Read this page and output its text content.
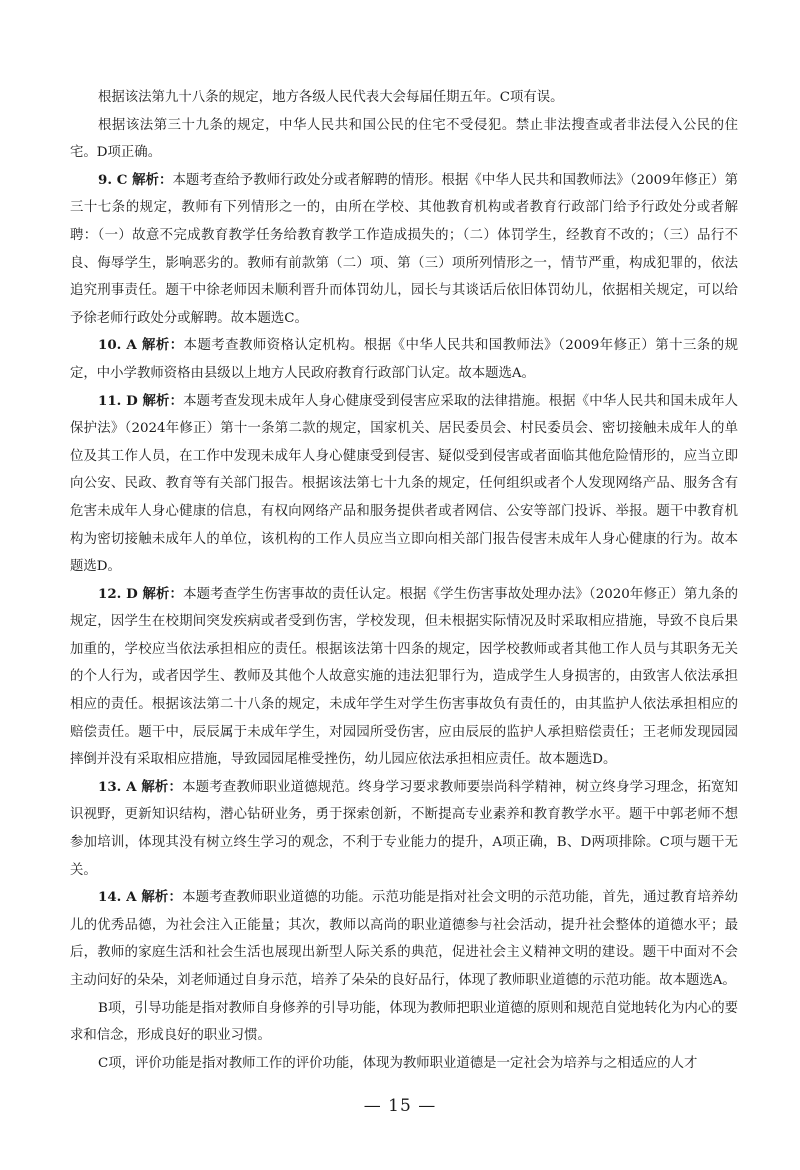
根据该法第九十八条的规定，地方各级人民代表大会每届任期五年。C项有误。

根据该法第三十九条的规定，中华人民共和国公民的住宅不受侵犯。禁止非法搜查或者非法侵入公民的住宅。D项正确。

9. C 解析：本题考查给予教师行政处分或者解聘的情形。根据《中华人民共和国教师法》（2009年修正）第三十七条的规定，教师有下列情形之一的，由所在学校、其他教育机构或者教育行政部门给予行政处分或者解聘：（一）故意不完成教育教学任务给教育教学工作造成损失的；（二）体罚学生，经教育不改的；（三）品行不良、侮辱学生，影响恶劣的。教师有前款第（二）项、第（三）项所列情形之一，情节严重，构成犯罪的，依法追究刑事责任。题干中徐老师因未顺利晋升而体罚幼儿，园长与其谈话后依旧体罚幼儿，依据相关规定，可以给予徐老师行政处分或解聘。故本题选C。

10. A 解析：本题考查教师资格认定机构。根据《中华人民共和国教师法》（2009年修正）第十三条的规定，中小学教师资格由县级以上地方人民政府教育行政部门认定。故本题选A。

11. D 解析：本题考查发现未成年人身心健康受到侵害应采取的法律措施。根据《中华人民共和国未成年人保护法》（2024年修正）第十一条第二款的规定，国家机关、居民委员会、村民委员会、密切接触未成年人的单位及其工作人员，在工作中发现未成年人身心健康受到侵害、疑似受到侵害或者面临其他危险情形的，应当立即向公安、民政、教育等有关部门报告。根据该法第七十九条的规定，任何组织或者个人发现网络产品、服务含有危害未成年人身心健康的信息，有权向网络产品和服务提供者或者网信、公安等部门投诉、举报。题干中教育机构为密切接触未成年人的单位，该机构的工作人员应当立即向相关部门报告侵害未成年人身心健康的行为。故本题选D。

12. D 解析：本题考查学生伤害事故的责任认定。根据《学生伤害事故处理办法》（2020年修正）第九条的规定，因学生在校期间突发疾病或者受到伤害，学校发现，但未根据实际情况及时采取相应措施，导致不良后果加重的，学校应当依法承担相应的责任。根据该法第十四条的规定，因学校教师或者其他工作人员与其职务无关的个人行为，或者因学生、教师及其他个人故意实施的违法犯罪行为，造成学生人身损害的，由致害人依法承担相应的责任。根据该法第二十八条的规定，未成年学生对学生伤害事故负有责任的，由其监护人依法承担相应的赔偿责任。题干中，辰辰属于未成年学生，对园园所受伤害，应由辰辰的监护人承担赔偿责任；王老师发现园园摔倒并没有采取相应措施，导致园园尾椎受挫伤，幼儿园应依法承担相应责任。故本题选D。

13. A 解析：本题考查教师职业道德规范。终身学习要求教师要崇尚科学精神，树立终身学习理念，拓宽知识视野，更新知识结构，潜心钻研业务，勇于探索创新，不断提高专业素养和教育教学水平。题干中郭老师不想参加培训，体现其没有树立终生学习的观念，不利于专业能力的提升，A项正确，B、D两项排除。C项与题干无关。

14. A 解析：本题考查教师职业道德的功能。示范功能是指对社会文明的示范功能，首先，通过教育培养幼儿的优秀品德，为社会注入正能量；其次，教师以高尚的职业道德参与社会活动，提升社会整体的道德水平；最后，教师的家庭生活和社会生活也展现出新型人际关系的典范，促进社会主义精神文明的建设。题干中面对不会主动问好的朵朵，刘老师通过自身示范，培养了朵朵的良好品行，体现了教师职业道德的示范功能。故本题选A。

B项，引导功能是指对教师自身修养的引导功能，体现为教师把职业道德的原则和规范自觉地转化为内心的要求和信念，形成良好的职业习惯。

C项，评价功能是指对教师工作的评价功能，体现为教师职业道德是一定社会为培养与之相适应的人才

— 15 —
